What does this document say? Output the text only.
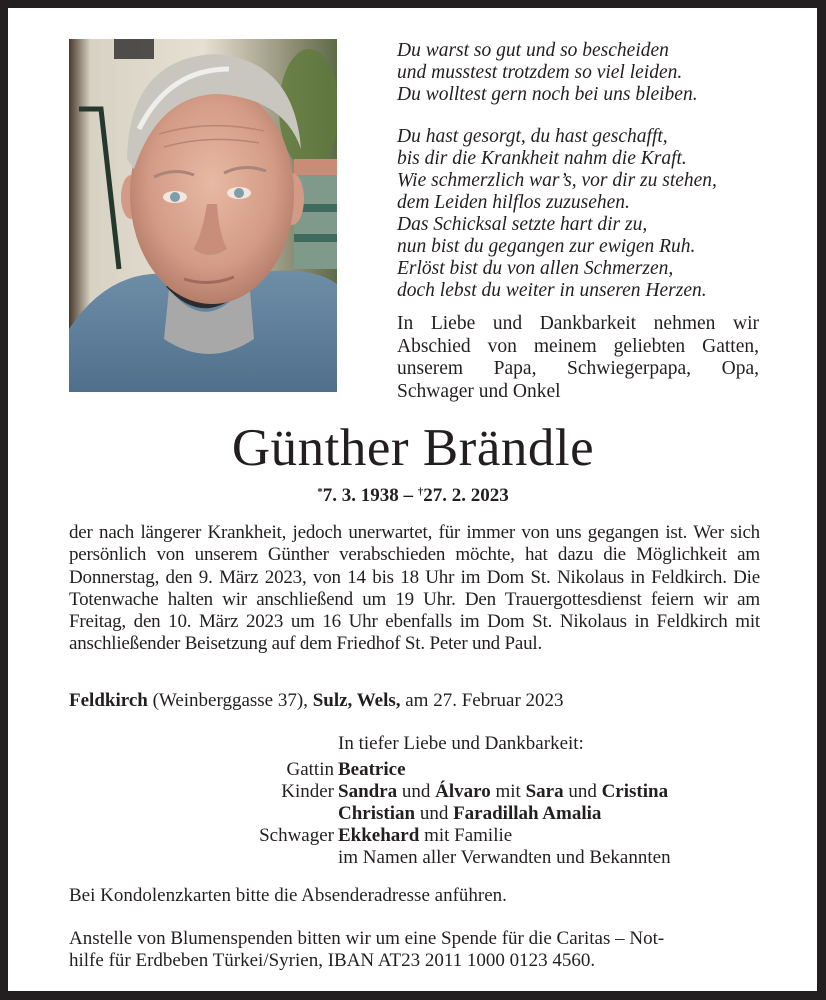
Du warst so gut und so bescheiden
und musstest trotzdem so viel leiden.
Du wolltest gern noch bei uns bleiben.
Du hast gesorgt, du hast geschafft,
bis dir die Krankheit nahm die Kraft.
Wie schmerzlich war’s, vor dir zu stehen,
dem Leiden hilflos zuzusehen.
Das Schicksal setzte hart dir zu,
nun bist du gegangen zur ewigen Ruh.
Erlöst bist du von allen Schmerzen,
doch lebst du weiter in unseren Herzen.
In Liebe und Dankbarkeit nehmen wir Abschied von meinem geliebten Gatten, unserem Papa, Schwiegerpapa, Opa, Schwager und Onkel
Günther Brändle
*7. 3. 1938 – †27. 2. 2023
der nach längerer Krankheit, jedoch unerwartet, für immer von uns gegangen ist. Wer sich persönlich von unserem Günther verabschieden möchte, hat dazu die Möglichkeit am Donnerstag, den 9. März 2023, von 14 bis 18 Uhr im Dom St. Nikolaus in Feldkirch. Die Totenwache halten wir anschließend um 19 Uhr. Den Trauergottesdienst feiern wir am Freitag, den 10. März 2023 um 16 Uhr ebenfalls im Dom St. Nikolaus in Feldkirch mit anschließender Beisetzung auf dem Friedhof St. Peter und Paul.
Feldkirch (Weinberggasse 37), Sulz, Wels, am 27. Februar 2023
In tiefer Liebe und Dankbarkeit:
Gattin Beatrice
Kinder Sandra und Álvaro mit Sara und Cristina
Christian und Faradillah Amalia
Schwager Ekkehard mit Familie
im Namen aller Verwandten und Bekannten
Bei Kondolenzkarten bitte die Absenderadresse anführen.
Anstelle von Blumenspenden bitten wir um eine Spende für die Caritas – Not-
hilfe für Erdbeben Türkei/Syrien, IBAN AT23 2011 1000 0123 4560.
